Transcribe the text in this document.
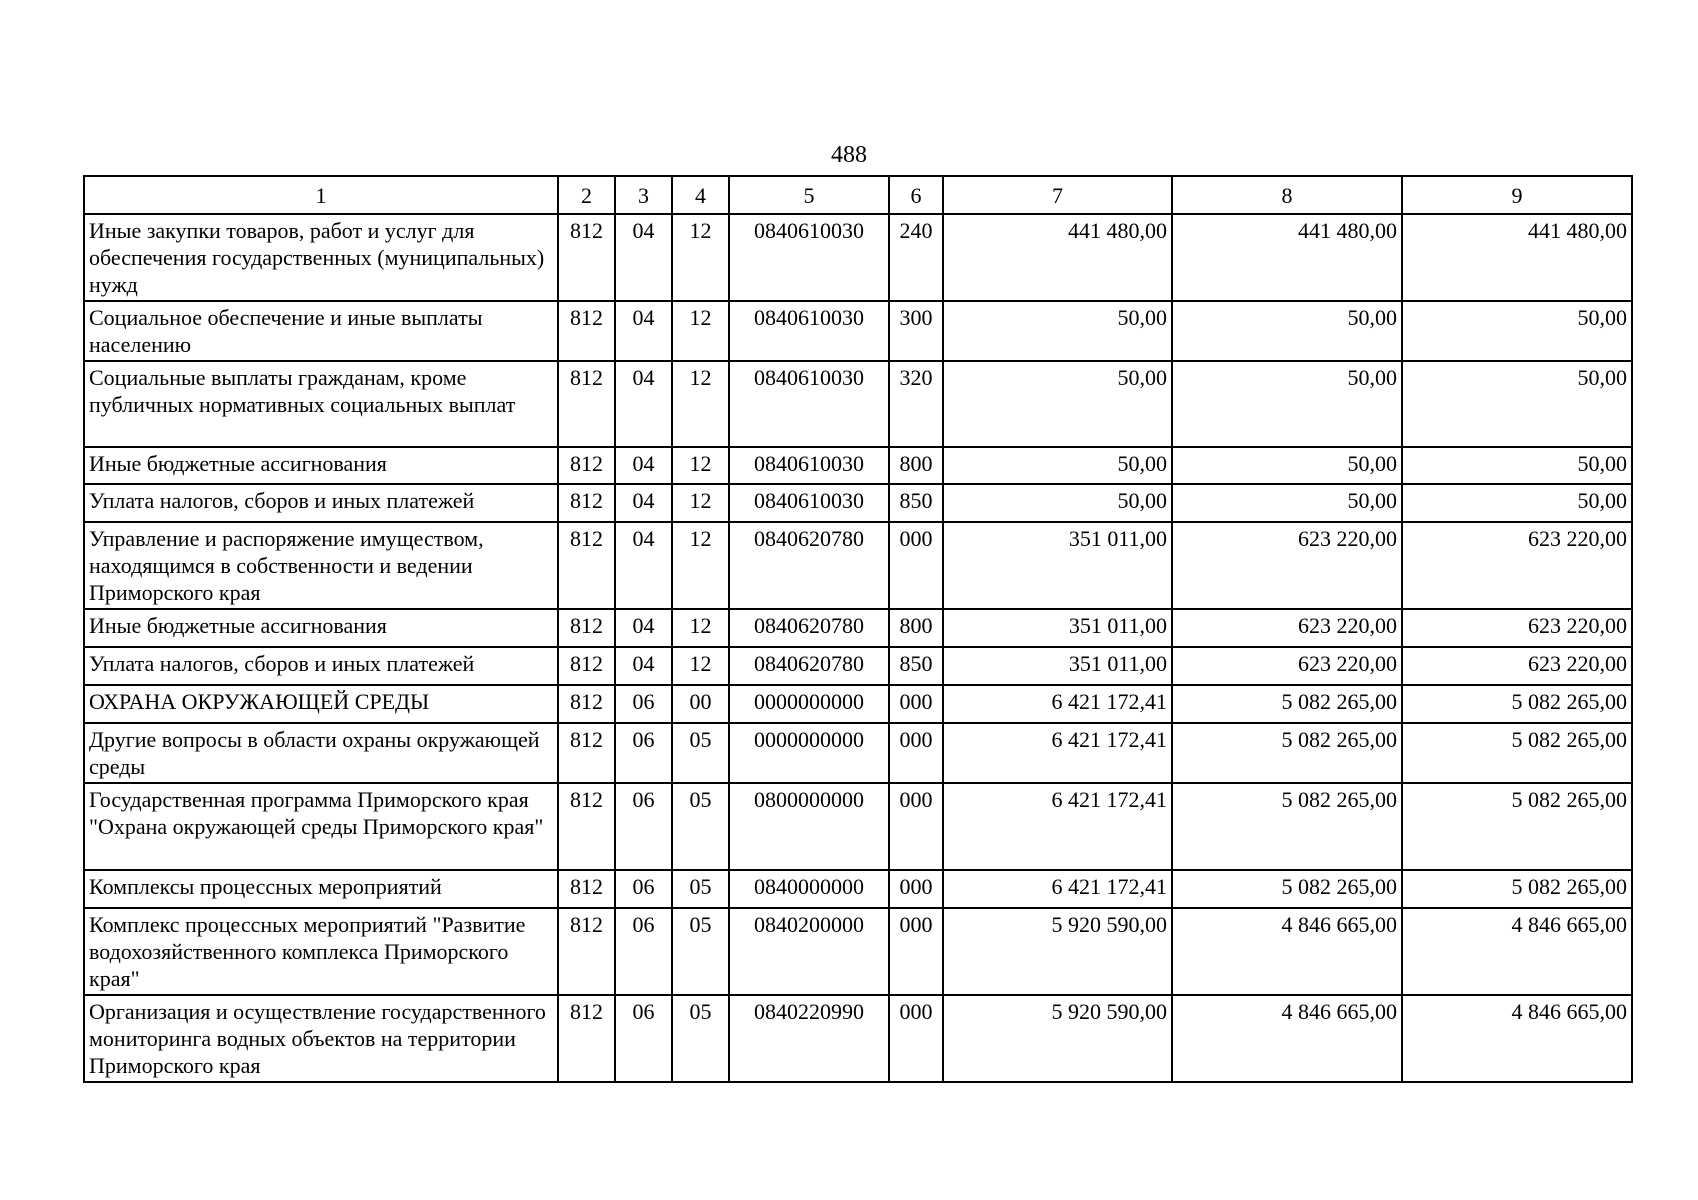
488
1	2	3	4	5	6	7	8	9
Иные закупки товаров, работ и услуг для обеспечения государственных (муниципальных) нужд	812	04	12	0840610030	240	441 480,00	441 480,00	441 480,00
Социальное обеспечение и иные выплаты населению	812	04	12	0840610030	300	50,00	50,00	50,00
Социальные выплаты гражданам, кроме публичных нормативных социальных выплат	812	04	12	0840610030	320	50,00	50,00	50,00
Иные бюджетные ассигнования	812	04	12	0840610030	800	50,00	50,00	50,00
Уплата налогов, сборов и иных платежей	812	04	12	0840610030	850	50,00	50,00	50,00
Управление и распоряжение имуществом, находящимся в собственности и ведении Приморского края	812	04	12	0840620780	000	351 011,00	623 220,00	623 220,00
Иные бюджетные ассигнования	812	04	12	0840620780	800	351 011,00	623 220,00	623 220,00
Уплата налогов, сборов и иных платежей	812	04	12	0840620780	850	351 011,00	623 220,00	623 220,00
ОХРАНА ОКРУЖАЮЩЕЙ СРЕДЫ	812	06	00	0000000000	000	6 421 172,41	5 082 265,00	5 082 265,00
Другие вопросы в области охраны окружающей среды	812	06	05	0000000000	000	6 421 172,41	5 082 265,00	5 082 265,00
Государственная программа Приморского края "Охрана окружающей среды Приморского края"	812	06	05	0800000000	000	6 421 172,41	5 082 265,00	5 082 265,00
Комплексы процессных мероприятий	812	06	05	0840000000	000	6 421 172,41	5 082 265,00	5 082 265,00
Комплекс процессных мероприятий "Развитие водохозяйственного комплекса Приморского края"	812	06	05	0840200000	000	5 920 590,00	4 846 665,00	4 846 665,00
Организация и осуществление государственного мониторинга водных объектов на территории Приморского края	812	06	05	0840220990	000	5 920 590,00	4 846 665,00	4 846 665,00
